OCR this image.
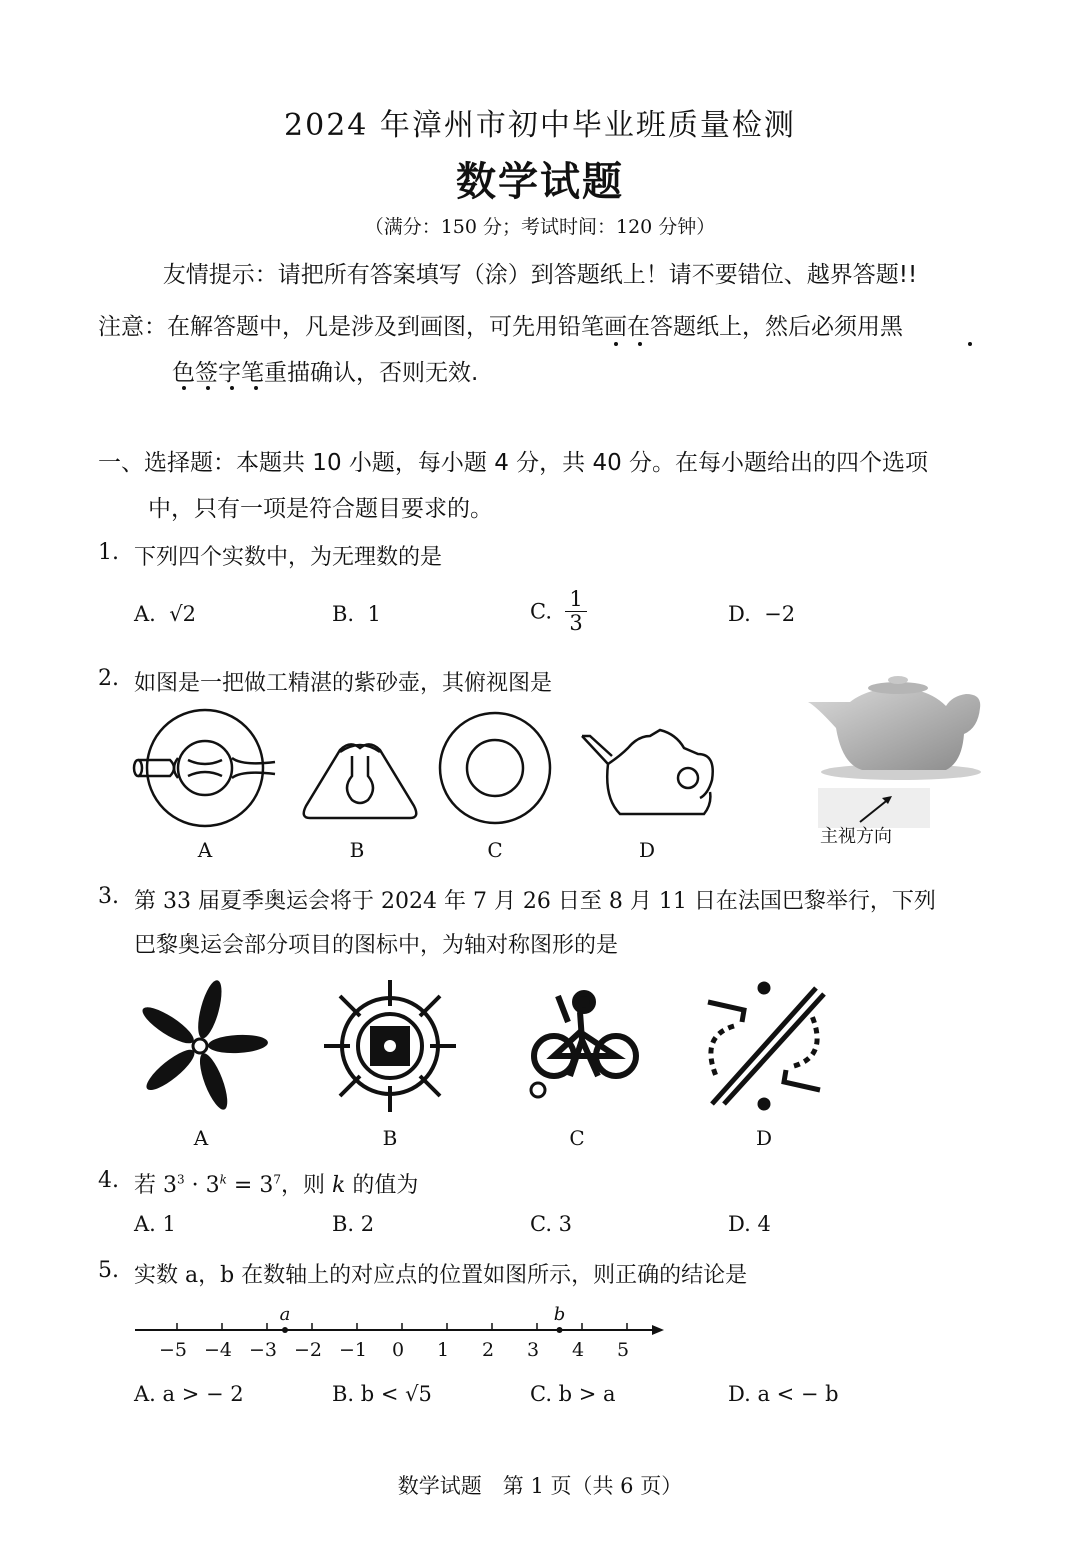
2024 年漳州市初中毕业班质量检测
数学试题
（满分：150 分；考试时间：120 分钟）
友情提示：请把所有答案填写（涂）到答题纸上！请不要错位、越界答题!!
注意：在解答题中，凡是涉及到画图，可先用铅笔画在答题纸上，然后必须用黑
色签字笔重描确认，否则无效.
一、选择题：本题共 10 小题，每小题 4 分，共 40 分。在每小题给出的四个选项
中，只有一项是符合题目要求的。
1. 下列四个实数中，为无理数的是
A. √2	B. 1	C. $\frac{1}{3}$	D. −2
2. 如图是一把做工精湛的紫砂壶，其俯视图是
A	B	C	D
主视方向
3. 第 33 届夏季奥运会将于 2024 年 7 月 26 日至 8 月 11 日在法国巴黎举行，下列
巴黎奥运会部分项目的图标中，为轴对称图形的是
A	B	C	D
4. 若 $3^3 \cdot 3^k = 3^7$，则 k 的值为
A. 1	B. 2	C. 3	D. 4
5. 实数 a，b 在数轴上的对应点的位置如图所示，则正确的结论是
−5 −4 −3 −2 −1 0 1 2 3 4 5
a	b
A. a > − 2	B. b < √5	C. b > a	D. a < − b
数学试题　第 1 页（共 6 页）
